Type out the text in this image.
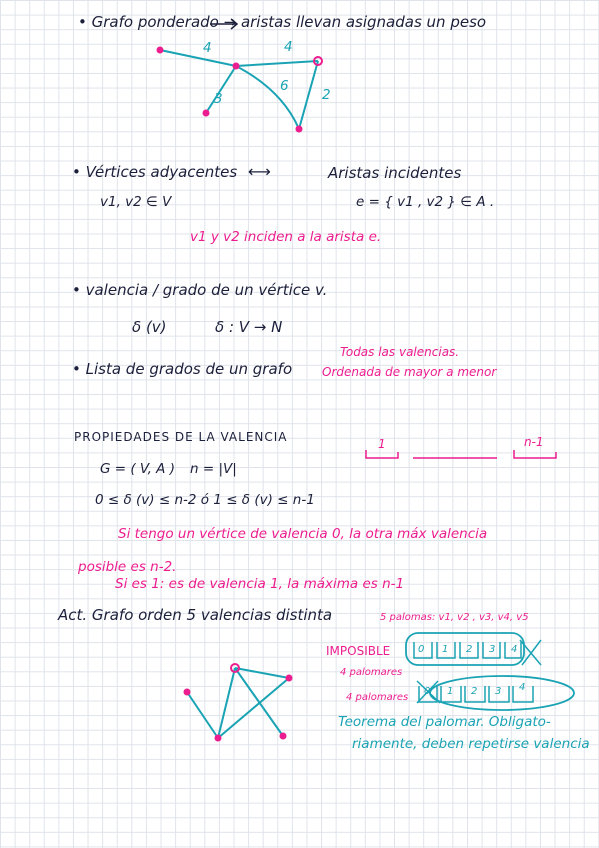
• Grafo ponderado → aristas llevan asignadas un peso
4	4
6
3	2
• Vértices adyacentes ⟷	Aristas incidentes
v1, v2 ∈ V	e = { v1 , v2 } ∈ A .
v1 y v2 inciden a la arista e.
• valencia / grado de un vértice v.
δ (v)	δ : V → N
• Lista de grados de un grafo
Todas las valencias.
Ordenada de mayor a menor
PROPIEDADES DE LA VALENCIA	1	n-1
G = ( V, A ) n = |V|
0 ≤ δ (v) ≤ n-2 ó 1 ≤ δ (v) ≤ n-1
Si tengo un vértice de valencia 0, la otra máx valencia
posible es n-2.
Si es 1: es de valencia 1, la máxima es n-1
Act. Grafo orden 5 valencias distinta	5 palomas: v1, v2 , v3, v4, v5
IMPOSIBLE	0 1 2 3 4
4 palomares
4 palomares
0 1 2 3 4
Teorema del palomar. Obligato-
riamente, deben repetirse valencia
